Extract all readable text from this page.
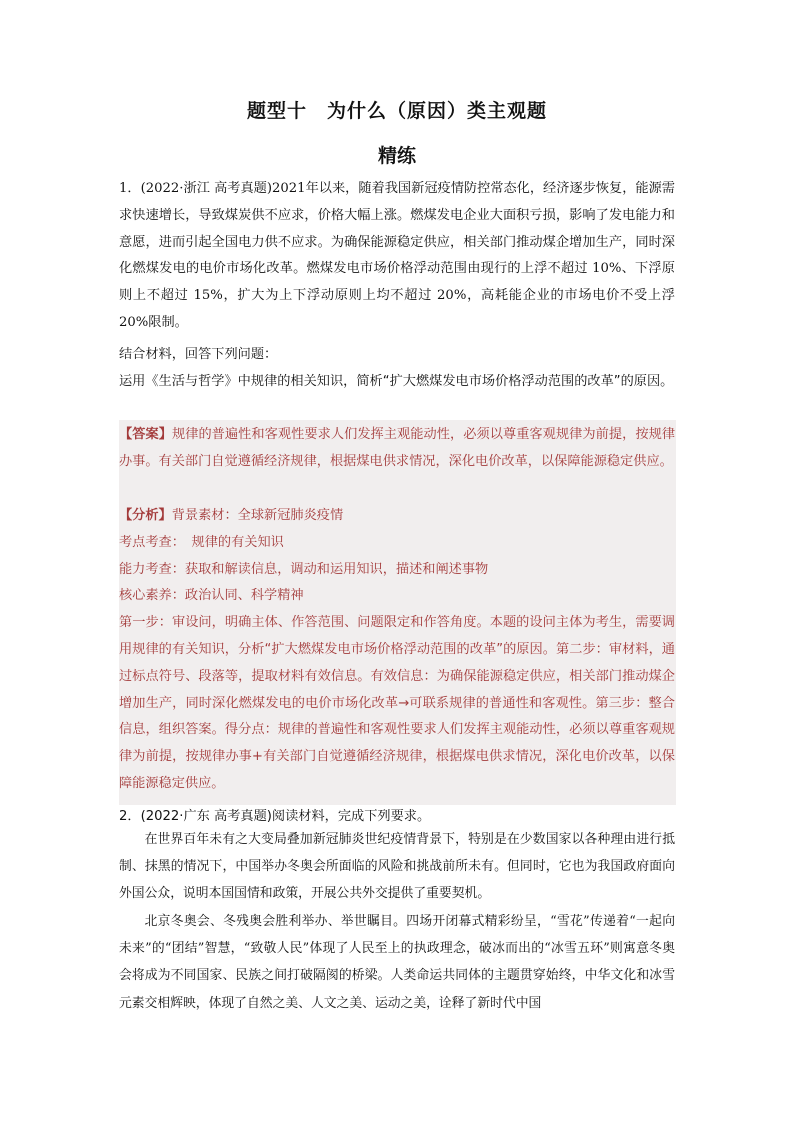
题型十　为什么（原因）类主观题
精练

1．(2022·浙江 高考真题)2021年以来，随着我国新冠疫情防控常态化，经济逐步恢复，能源需求快速增长，导致煤炭供不应求，价格大幅上涨。燃煤发电企业大面积亏损，影响了发电能力和意愿，进而引起全国电力供不应求。为确保能源稳定供应，相关部门推动煤企增加生产，同时深化燃煤发电的电价市场化改革。燃煤发电市场价格浮动范围由现行的上浮不超过 10%、下浮原则上不超过 15%，扩大为上下浮动原则上均不超过 20%，高耗能企业的市场电价不受上浮 20%限制。

结合材料，回答下列问题：
运用《生活与哲学》中规律的相关知识，简析“扩大燃煤发电市场价格浮动范围的改革”的原因。

【答案】规律的普遍性和客观性要求人们发挥主观能动性，必须以尊重客观规律为前提，按规律办事。有关部门自觉遵循经济规律，根据煤电供求情况，深化电价改革，以保障能源稳定供应。

【分析】背景素材：全球新冠肺炎疫情
考点考查：　规律的有关知识
能力考查：获取和解读信息，调动和运用知识，描述和阐述事物
核心素养：政治认同、科学精神
第一步：审设问，明确主体、作答范围、问题限定和作答角度。本题的设问主体为考生，需要调用规律的有关知识，分析“扩大燃煤发电市场价格浮动范围的改革”的原因。第二步：审材料，通过标点符号、段落等，提取材料有效信息。有效信息：为确保能源稳定供应，相关部门推动煤企增加生产，同时深化燃煤发电的电价市场化改革→可联系规律的普通性和客观性。第三步：整合信息，组织答案。得分点：规律的普遍性和客观性要求人们发挥主观能动性，必须以尊重客观规律为前提，按规律办事+有关部门自觉遵循经济规律，根据煤电供求情况，深化电价改革，以保障能源稳定供应。

2．(2022·广东 高考真题)阅读材料，完成下列要求。

在世界百年未有之大变局叠加新冠肺炎世纪疫情背景下，特别是在少数国家以各种理由进行抵制、抹黑的情况下，中国举办冬奥会所面临的风险和挑战前所未有。但同时，它也为我国政府面向外国公众，说明本国国情和政策，开展公共外交提供了重要契机。

北京冬奥会、冬残奥会胜利举办、举世瞩目。四场开闭幕式精彩纷呈，“雪花”传递着“一起向未来”的“团结”智慧，“致敬人民”体现了人民至上的执政理念，破冰而出的“冰雪五环”则寓意冬奥会将成为不同国家、民族之间打破隔阂的桥梁。人类命运共同体的主题贯穿始终，中华文化和冰雪元素交相辉映，体现了自然之美、人文之美、运动之美，诠释了新时代中国
